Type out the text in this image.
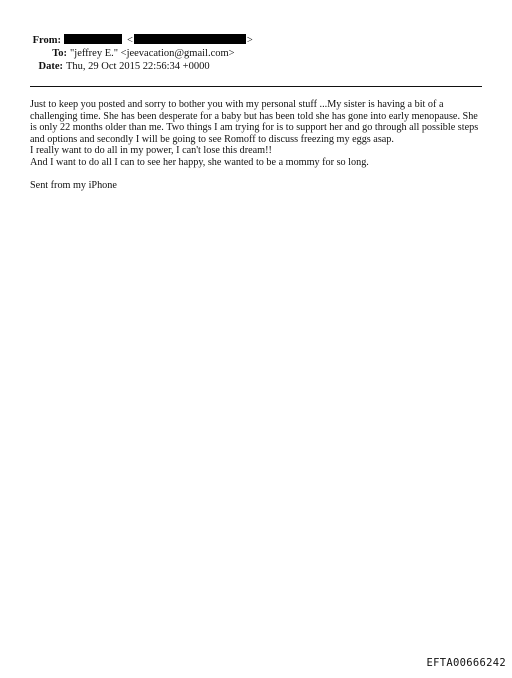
From:	<	>
To: "jeffrey E." <jeevacation@gmail.com>
Date: Thu, 29 Oct 2015 22:56:34 +0000

Just to keep you posted and sorry to bother you with my personal stuff ...My sister is having a bit of a challenging time. She has been desperate for a baby but has been told she has gone into early menopause. She is only 22 months older than me. Two things I am trying for is to support her and go through all possible steps and options and secondly I will be going to see Romoff to discuss freezing my eggs asap.

I really want to do all in my power, I can't lose this dream!!

And I want to do all I can to see her happy, she wanted to be a mommy for so long.

Sent from my iPhone

EFTA00666242
